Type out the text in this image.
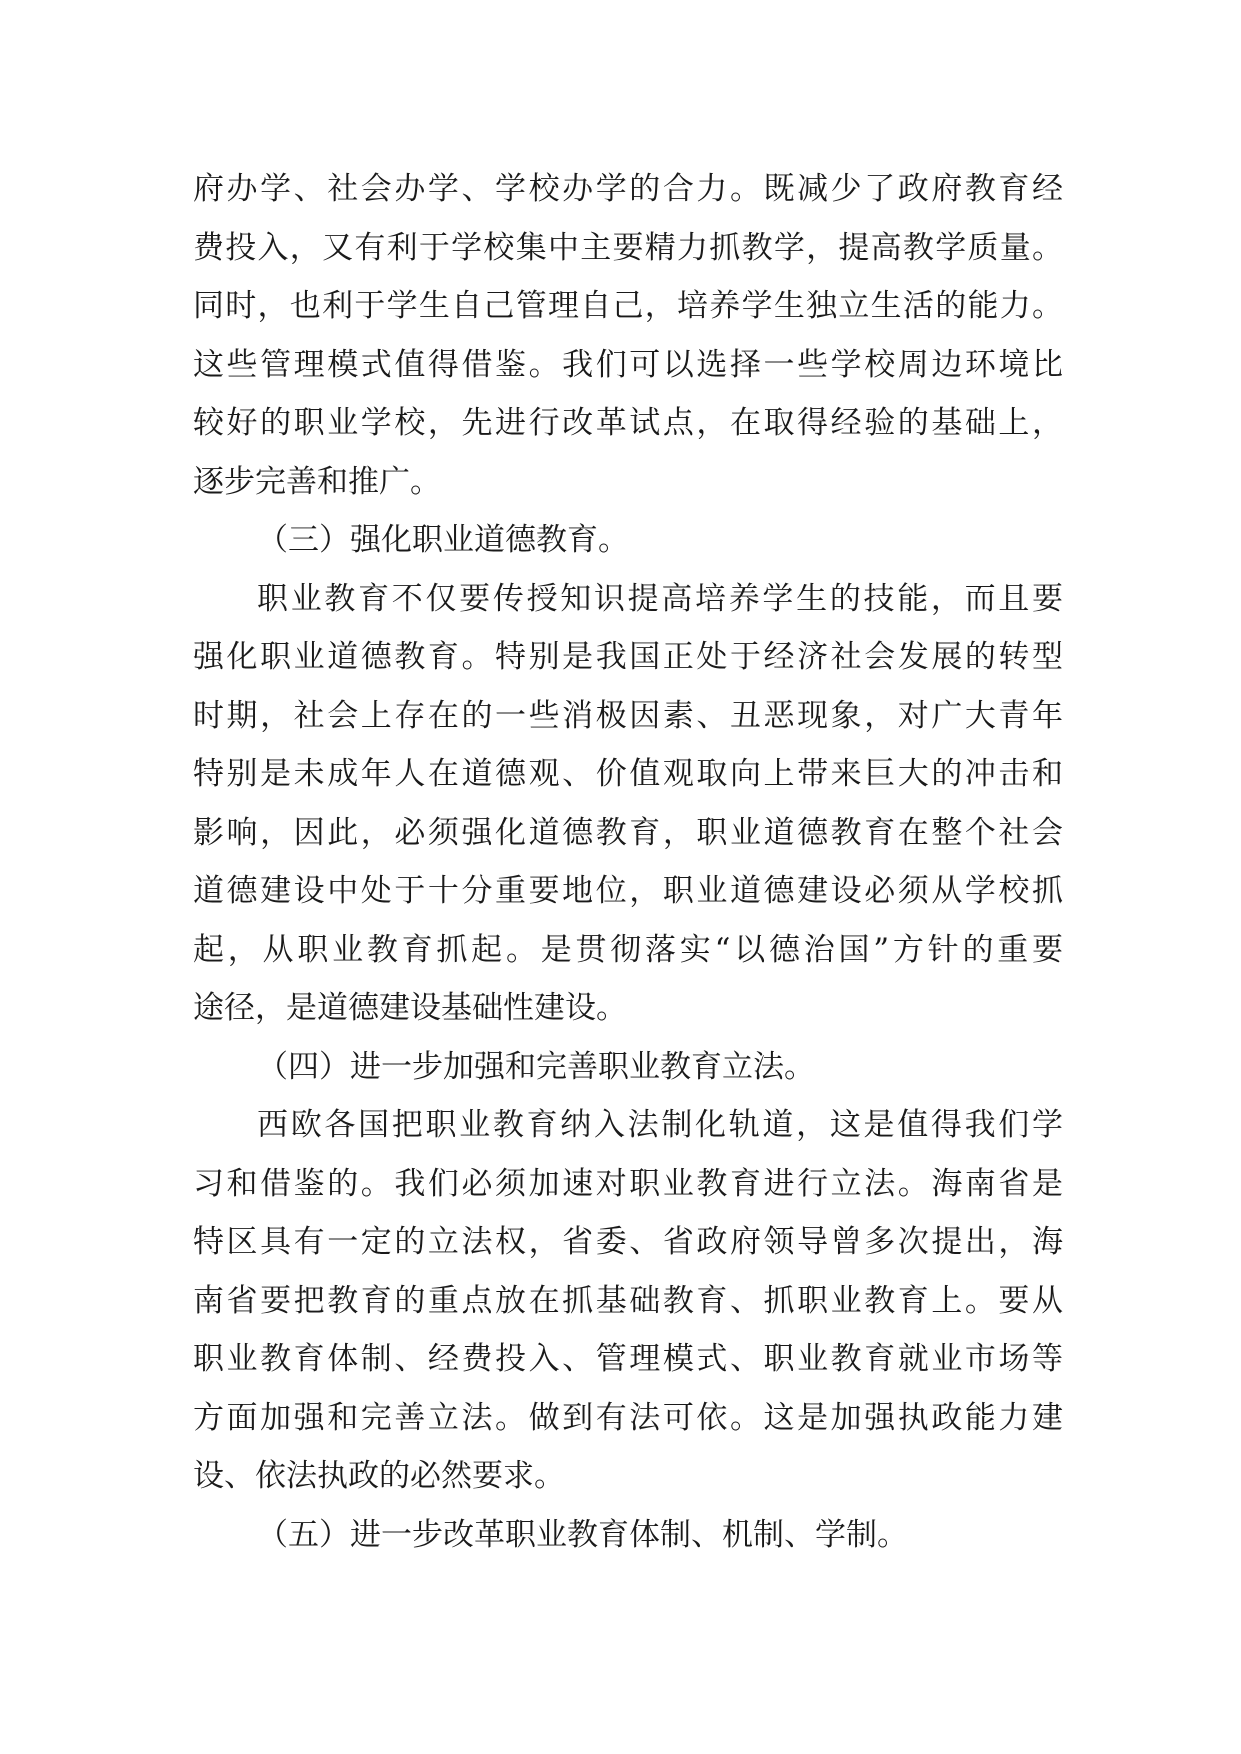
府办学、社会办学、学校办学的合力。既减少了政府教育经
费投入，又有利于学校集中主要精力抓教学，提高教学质量。
同时，也利于学生自己管理自己，培养学生独立生活的能力。
这些管理模式值得借鉴。我们可以选择一些学校周边环境比
较好的职业学校，先进行改革试点，在取得经验的基础上，
逐步完善和推广。
（三）强化职业道德教育。
职业教育不仅要传授知识提高培养学生的技能，而且要
强化职业道德教育。特别是我国正处于经济社会发展的转型
时期，社会上存在的一些消极因素、丑恶现象，对广大青年
特别是未成年人在道德观、价值观取向上带来巨大的冲击和
影响，因此，必须强化道德教育，职业道德教育在整个社会
道德建设中处于十分重要地位，职业道德建设必须从学校抓
起，从职业教育抓起。是贯彻落实“以德治国”方针的重要
途径，是道德建设基础性建设。
（四）进一步加强和完善职业教育立法。
西欧各国把职业教育纳入法制化轨道，这是值得我们学
习和借鉴的。我们必须加速对职业教育进行立法。海南省是
特区具有一定的立法权，省委、省政府领导曾多次提出，海
南省要把教育的重点放在抓基础教育、抓职业教育上。要从
职业教育体制、经费投入、管理模式、职业教育就业市场等
方面加强和完善立法。做到有法可依。这是加强执政能力建
设、依法执政的必然要求。
（五）进一步改革职业教育体制、机制、学制。
